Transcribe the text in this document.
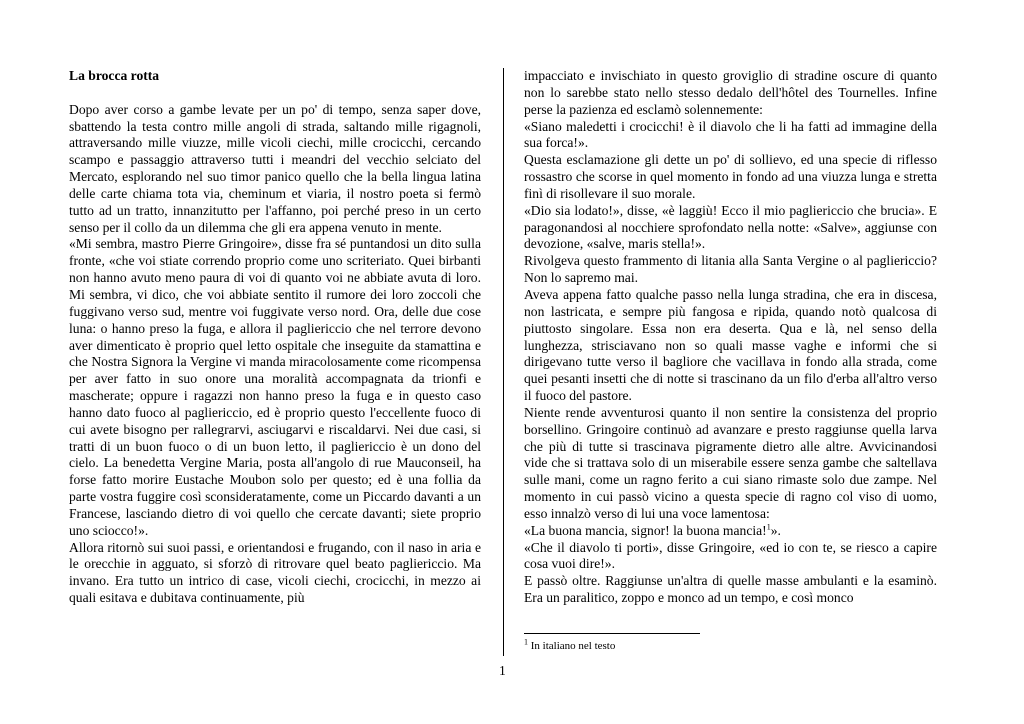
La brocca rotta

Dopo aver corso a gambe levate per un po' di tempo, senza saper dove, sbattendo la testa contro mille angoli di strada, saltando mille rigagnoli, attraversando mille viuzze, mille vicoli ciechi, mille crocicchi, cercando scampo e passaggio attraverso tutti i meandri del vecchio selciato del Mercato, esplorando nel suo timor panico quello che la bella lingua latina delle carte chiama tota via, cheminum et viaria, il nostro poeta si fermò tutto ad un tratto, innanzitutto per l'affanno, poi perché preso in un certo senso per il collo da un dilemma che gli era appena venuto in mente.

«Mi sembra, mastro Pierre Gringoire», disse fra sé puntandosi un dito sulla fronte, «che voi stiate correndo proprio come uno scriteriato. Quei birbanti non hanno avuto meno paura di voi di quanto voi ne abbiate avuta di loro. Mi sembra, vi dico, che voi abbiate sentito il rumore dei loro zoccoli che fuggivano verso sud, mentre voi fuggivate verso nord. Ora, delle due cose luna: o hanno preso la fuga, e allora il pagliericcio che nel terrore devono aver dimenticato è proprio quel letto ospitale che inseguite da stamattina e che Nostra Signora la Vergine vi manda miracolosamente come ricompensa per aver fatto in suo onore una moralità accompagnata da trionfi e mascherate; oppure i ragazzi non hanno preso la fuga e in questo caso hanno dato fuoco al pagliericcio, ed è proprio questo l'eccellente fuoco di cui avete bisogno per rallegrarvi, asciugarvi e riscaldarvi. Nei due casi, si tratti di un buon fuoco o di un buon letto, il pagliericcio è un dono del cielo. La benedetta Vergine Maria, posta all'angolo di rue Mauconseil, ha forse fatto morire Eustache Moubon solo per questo; ed è una follia da parte vostra fuggire così sconsideratamente, come un Piccardo davanti a un Francese, lasciando dietro di voi quello che cercate davanti; siete proprio uno sciocco!».

Allora ritornò sui suoi passi, e orientandosi e frugando, con il naso in aria e le orecchie in agguato, si sforzò di ritrovare quel beato pagliericcio. Ma invano. Era tutto un intrico di case, vicoli ciechi, crocicchi, in mezzo ai quali esitava e dubitava continuamente, più

impacciato e invischiato in questo groviglio di stradine oscure di quanto non lo sarebbe stato nello stesso dedalo dell'hôtel des Tournelles. Infine perse la pazienza ed esclamò solennemente:

«Siano maledetti i crocicchi! è il diavolo che li ha fatti ad immagine della sua forca!».

Questa esclamazione gli dette un po' di sollievo, ed una specie di riflesso rossastro che scorse in quel momento in fondo ad una viuzza lunga e stretta finì di risollevare il suo morale.

«Dio sia lodato!», disse, «è laggiù! Ecco il mio pagliericcio che brucia». E paragonandosi al nocchiere sprofondato nella notte: «Salve», aggiunse con devozione, «salve, maris stella!».

Rivolgeva questo frammento di litania alla Santa Vergine o al pagliericcio? Non lo sapremo mai.

Aveva appena fatto qualche passo nella lunga stradina, che era in discesa, non lastricata, e sempre più fangosa e ripida, quando notò qualcosa di piuttosto singolare. Essa non era deserta. Qua e là, nel senso della lunghezza, strisciavano non so quali masse vaghe e informi che si dirigevano tutte verso il bagliore che vacillava in fondo alla strada, come quei pesanti insetti che di notte si trascinano da un filo d'erba all'altro verso il fuoco del pastore.

Niente rende avventurosi quanto il non sentire la consistenza del proprio borsellino. Gringoire continuò ad avanzare e presto raggiunse quella larva che più di tutte si trascinava pigramente dietro alle altre. Avvicinandosi vide che si trattava solo di un miserabile essere senza gambe che saltellava sulle mani, come un ragno ferito a cui siano rimaste solo due zampe. Nel momento in cui passò vicino a questa specie di ragno col viso di uomo, esso innalzò verso di lui una voce lamentosa:

«La buona mancia, signor! la buona mancia!$^1$».

«Che il diavolo ti porti», disse Gringoire, «ed io con te, se riesco a capire cosa vuoi dire!».

E passò oltre. Raggiunse un'altra di quelle masse ambulanti e la esaminò. Era un paralitico, zoppo e monco ad un tempo, e così monco

$^1$ In italiano nel testo
1
